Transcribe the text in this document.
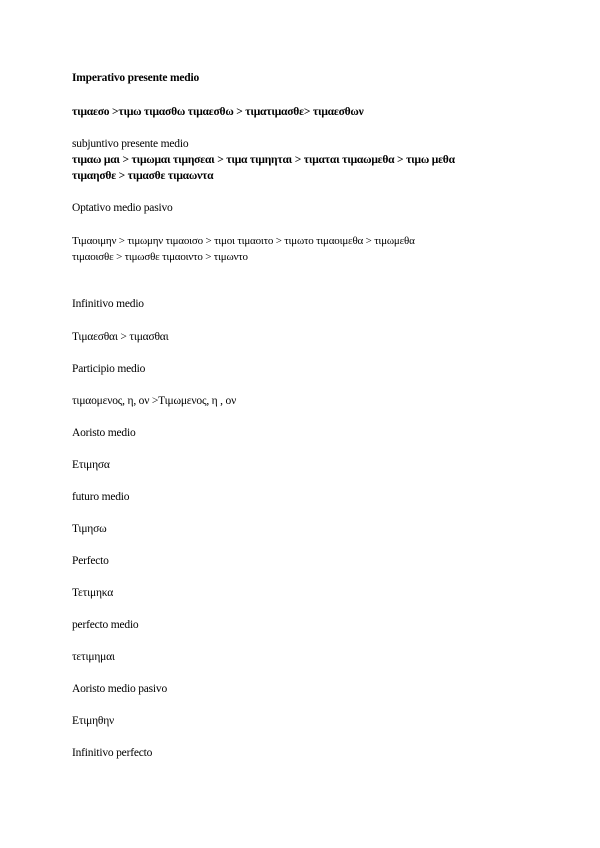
Imperativo presente medio
τιμαεσο >τιμω τιμασθω τιμαεσθω > τιματιμασθε> τιμαεσθων
subjuntivo presente medio
τιμαω μαι > τιμωμαι τιμησεαι > τιμα τιμηηται > τιμαται τιμαωμεθα > τιμω μεθα
τιμαησθε > τιμασθε τιμαωντα
Optativo medio pasivo
Τιμαοιμην > τιμωμην τιμαοισο > τιμοι τιμαοιτο > τιμωτο τιμαοιμεθα > τιμωμεθα
τιμαοισθε > τιμωσθε τιμαοιντο > τιμωντο
Infinitivo medio
Τιμαεσθαι > τιμασθαι
Participio medio
τιμαομενος, η, ον >Τιμωμενος, η , ον
Aoristo medio
Ετιμησα
futuro medio
Τιμησω
Perfecto
Τετιμηκα
perfecto medio
τετιμημαι
Aoristo medio pasivo
Ετιμηθην
Infinitivo perfecto
